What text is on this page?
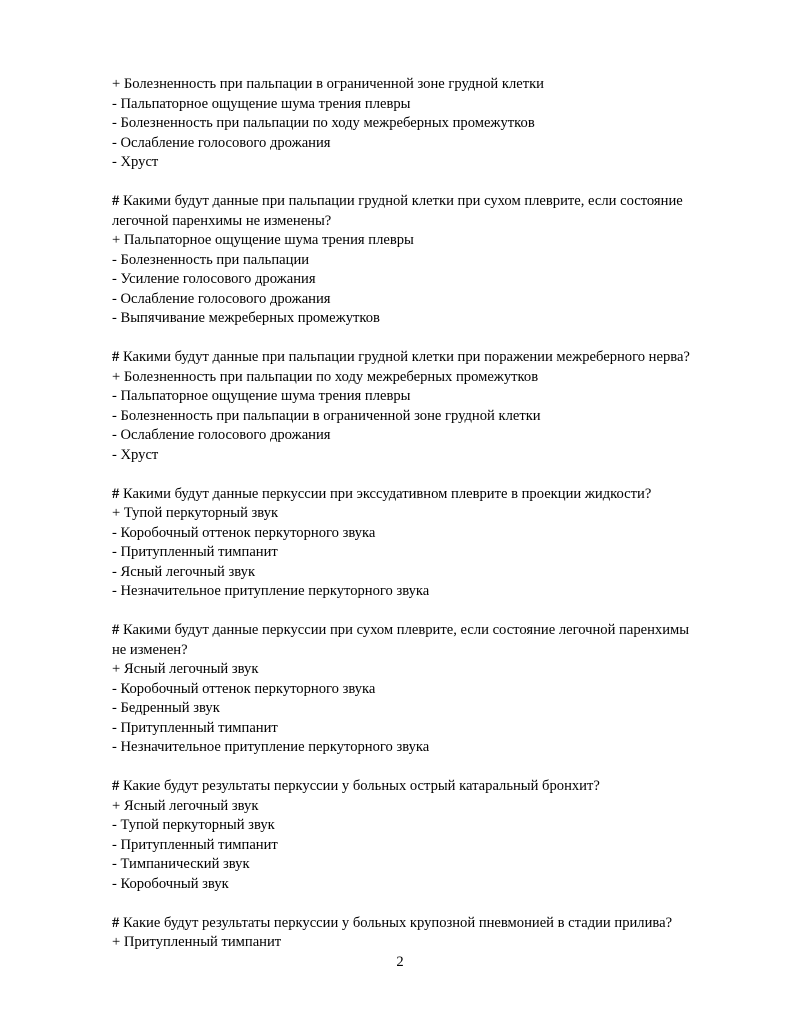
+ Болезненность при пальпации в ограниченной зоне грудной клетки
- Пальпаторное ощущение шума трения плевры
- Болезненность при пальпации по ходу межреберных промежутков
- Ослабление голосового дрожания
- Хруст
# Какими будут данные при пальпации грудной клетки при сухом плеврите, если состояние
легочной паренхимы не изменены?
+ Пальпаторное ощущение шума трения плевры
- Болезненность при пальпации
- Усиление голосового дрожания
- Ослабление голосового дрожания
- Выпячивание межреберных промежутков
# Какими будут данные при пальпации грудной клетки при поражении межреберного нерва?
+ Болезненность при пальпации по ходу межреберных промежутков
- Пальпаторное ощущение шума трения плевры
- Болезненность при пальпации в ограниченной зоне грудной клетки
- Ослабление голосового дрожания
- Хруст
# Какими будут данные перкуссии при экссудативном плеврите в проекции жидкости?
+ Тупой перкуторный звук
- Коробочный оттенок перкуторного звука
- Притупленный тимпанит
- Ясный легочный звук
- Незначительное притупление перкуторного звука
# Какими будут данные перкуссии при сухом плеврите, если состояние легочной паренхимы
не изменен?
+ Ясный легочный звук
- Коробочный оттенок перкуторного звука
- Бедренный звук
- Притупленный тимпанит
- Незначительное притупление перкуторного звука
# Какие будут результаты перкуссии у больных острый катаральный бронхит?
+ Ясный легочный звук
- Тупой перкуторный звук
- Притупленный тимпанит
- Тимпанический звук
- Коробочный звук
# Какие будут результаты перкуссии у больных крупозной пневмонией в стадии прилива?
+ Притупленный тимпанит
2
